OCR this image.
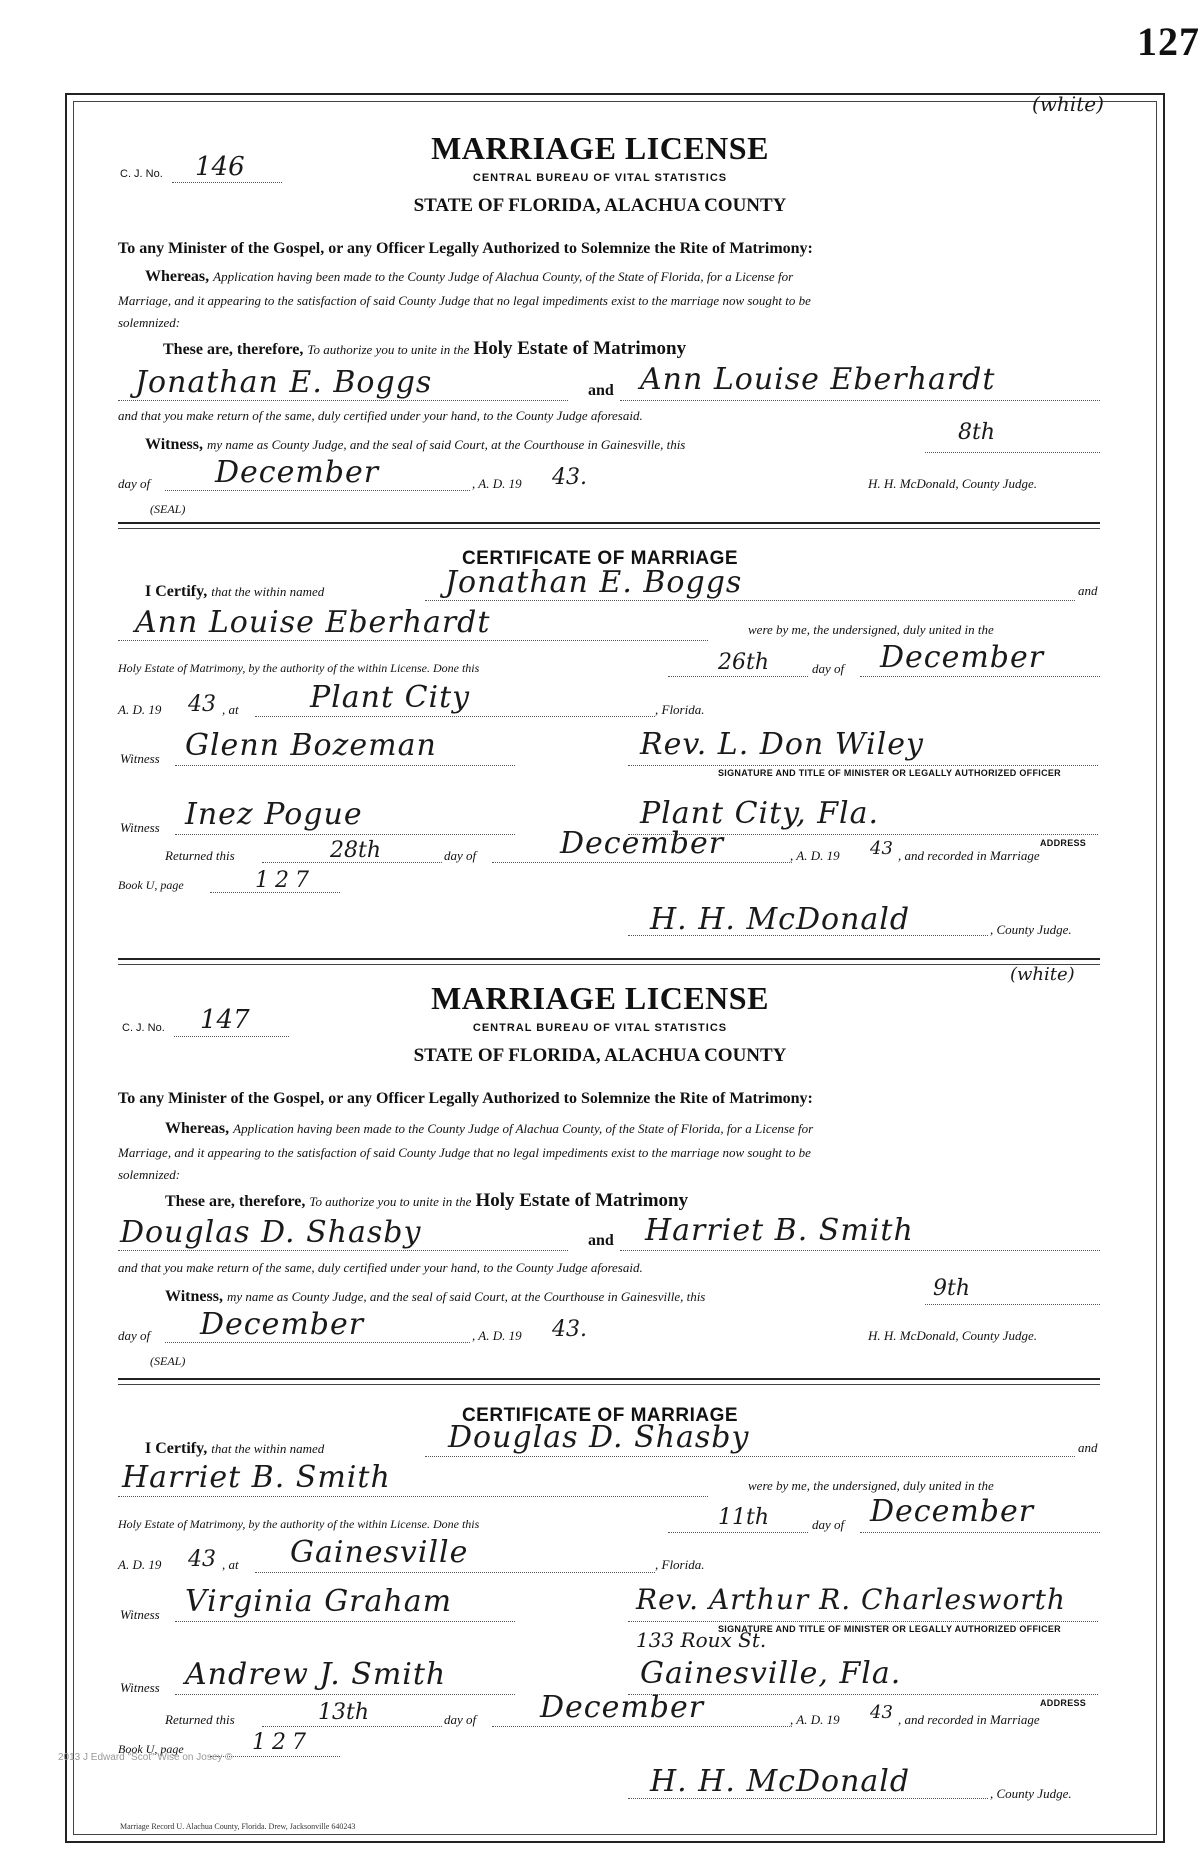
127
(white)
C. J. No. 146
MARRIAGE LICENSE
CENTRAL BUREAU OF VITAL STATISTICS
STATE OF FLORIDA, ALACHUA COUNTY
To any Minister of the Gospel, or any Officer Legally Authorized to Solemnize the Rite of Matrimony:
Whereas, Application having been made to the County Judge of Alachua County, of the State of Florida, for a License for
Marriage, and it appearing to the satisfaction of said County Judge that no legal impediments exist to the marriage now sought to be
solemnized:
These are, therefore, To authorize you to unite in the Holy Estate of Matrimony
Jonathan E. Boggs	and Ann Louise Eberhardt
and that you make return of the same, duly certified under your hand, to the County Judge aforesaid.
Witness, my name as County Judge, and the seal of said Court, at the Courthouse in Gainesville, this	8th
day of December	, A. D. 19 43.	H. H. McDonald, County Judge.
(SEAL)
CERTIFICATE OF MARRIAGE
I Certify, that the within named	Jonathan E. Boggs	and
Ann Louise Eberhardt	were by me, the undersigned, duly united in the
Holy Estate of Matrimony, by the authority of the within License. Done this	26th	day of December
A. D. 19 43 , at Plant City	, Florida.
Witness Glenn Bozeman	Rev. L. Don Wiley
SIGNATURE AND TITLE OF MINISTER OR LEGALLY AUTHORIZED OFFICER
Witness Inez Pogue	Plant City, Fla.
ADDRESS
Returned this	28th	day of	December	, A. D. 19 43 , and recorded in Marriage
Book U, page	127
H. H. McDonald	, County Judge.
(white)
C. J. No. 147
MARRIAGE LICENSE
CENTRAL BUREAU OF VITAL STATISTICS
STATE OF FLORIDA, ALACHUA COUNTY
To any Minister of the Gospel, or any Officer Legally Authorized to Solemnize the Rite of Matrimony:
Whereas, Application having been made to the County Judge of Alachua County, of the State of Florida, for a License for
Marriage, and it appearing to the satisfaction of said County Judge that no legal impediments exist to the marriage now sought to be
solemnized:
These are, therefore, To authorize you to unite in the Holy Estate of Matrimony
Douglas D. Shasby	and Harriet B. Smith
and that you make return of the same, duly certified under your hand, to the County Judge aforesaid.
Witness, my name as County Judge, and the seal of said Court, at the Courthouse in Gainesville, this	9th
day of December	, A. D. 19 43.	H. H. McDonald, County Judge.
(SEAL)
CERTIFICATE OF MARRIAGE
I Certify, that the within named	Douglas D. Shasby	and
Harriet B. Smith	were by me, the undersigned, duly united in the
Holy Estate of Matrimony, by the authority of the within License. Done this	11th	day of December
A. D. 19 43 , at Gainesville	, Florida.
Witness Virginia Graham	Rev. Arthur R. Charlesworth
SIGNATURE AND TITLE OF MINISTER OR LEGALLY AUTHORIZED OFFICER
133 Roux St.
Witness Andrew J. Smith	Gainesville, Fla.
ADDRESS
Returned this	13th	day of December	, A. D. 19 43 , and recorded in Marriage
Book U, page	127
2013 J Edward "Scot" Wise on Josey ©
H. H. McDonald	, County Judge.
Marriage Record U. Alachua County, Florida. Drew, Jacksonville 640243
